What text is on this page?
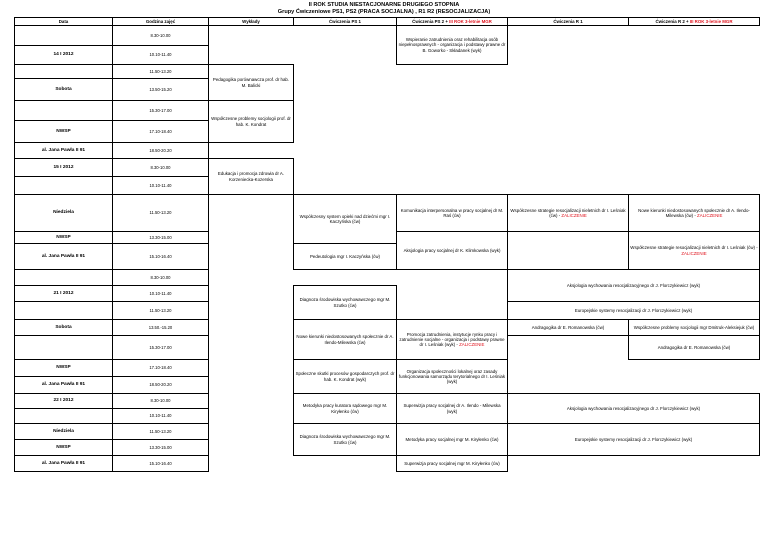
II ROK STUDIA NIESTACJONARNE DRUGIEGO STOPNIA
Grupy Ćwiczeniowe PS1, PS2 (PRACA SOCJALNA) , R1 R2 (RESOCJALIZACJA)
Data	Godzina zajęć	Wykłady	Ćwiczenia PS 1	Ćwiczenia PS 2 + III ROK 3-letnie MGR	Ćwiczenia R 1	Ćwiczenia R 2 + III ROK 3-letnie MGR
	8.30-10.00			Wspieranie zatrudnienia oraz rehabilitacja osób niepełnosprawnych - organizacja i podstawy prawne dr B. Goworko - Składanek (wyk)		
14 I 2012	10.10-11.40					
	11.50-13.20	Pedagogika porównawcza prof. dr hab. M. Balicki				
Sobota	13.50-15.20					
	15.30-17.00	Współczesne problemy socjologii prof. dr hab. K. Kondrat				
NWSP	17.10-18.40					
al. Jana Pawła II 91	18.50-20.20					
15 I 2012	8.30-10.00	Edukacja i promocja zdrowia dr A. Korzeniecka-Kozerska				
	10.10-11.40					
Niedziela	11.50-13.20		Współczesny system opieki nad dziećmi mgr I. Kaczyńska (ćw)	Komunikacja interpersonalna w pracy socjalnej dr M. Raś (ćw)	Współczesne strategie resocjalizacji nieletnich dr I. Leśniak (ćw) - ZALICZENIE	Nowe kierunki niedostosowanych społecznie dr A. Ilendo-Milewska (ćw) - ZALICZENIE
NWSP	13.30-15.00			Aksjologia pracy socjalnej dr K. Klimkowska (wyk)		Współczesne strategie resocjalizacji nieletnich dr I. Leśniak (ćw) - ZALICZENIE
al. Jana Pawła II 91	15.10-16.40		Pedeutologia mgr I. Kaczyńska (ćw)			
	8.30-10.00				Aksjologia wychowania resocjalizacyjnego dr J. Florczykiewicz (wyk)	
21 I 2012	10.10-11.40		Diagnoza środowiska wychowawczego mgr M. Szutko (ćw)			
	11.50-13.20				Europejskie systemy resocjalizacji dr J. Florczykiewicz (wyk)	
Sobota	13.50.-15.20		Nowe kierunki niedostosowanych społecznie dr A. Ilendo-Milewska (ćw)	Promocja zatrudnienia, instytucje rynku pracy i zatrudnienie socjalne - organizacja i podstawy prawne dr I. Leśniak (wyk) - ZALICZENIE	Andragogika dr E. Romanowska (ćw)	Współczesne problemy socjologii mgr Dmitruk-Aleksiejuk (ćw)
	15.30-17.00					Andragogika dr E. Romanowska (ćw)
NWSP	17.10-18.40		Społeczne skutki procesów gospodarczych prof. dr hab. K. Kondrat (wyk)	Organizacja społeczności lokalnej oraz zasady funkcjonowania samorządu terytorialnego dr I. Leśniak (wyk)		
al. Jana Pawła II 91	18.50-20.20					
22 I 2012	8.30-10.00		Metodyka pracy kuratora sądowego mgr M. Kiryłenko (ćw)	Superwizja pracy socjalnej dr A. Ilendo - Milewska (wyk)	Aksjologia wychowania resocjalizacyjnego dr J. Florczykiewicz (wyk)	
	10.10-11.40					
Niedziela	11.50-13.20		Diagnoza środowiska wychowawczego mgr M. Szutko (ćw)	Metodyka pracy socjalnej mgr M. Kiryłenko (ćw)	Europejskie systemy resocjalizacji dr J. Florczykiewicz (wyk)	
NWSP	13.30-15.00					
al. Jana Pawła II 91	15.10-16.40			Superwizja pracy socjalnej mgr M. Kiryłenko (ćw)		
